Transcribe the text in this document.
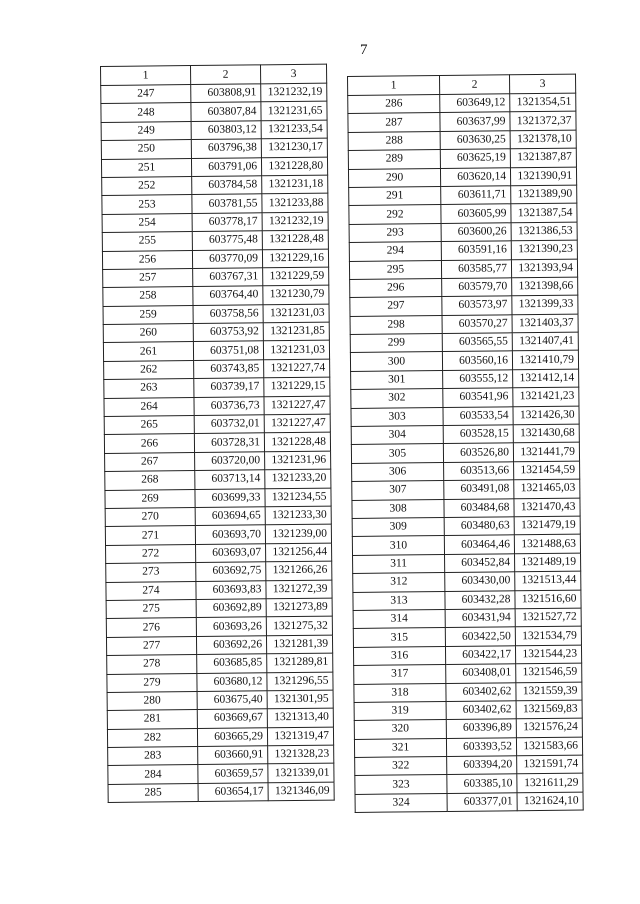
7
1	2	3
247	603808,91	1321232,19
248	603807,84	1321231,65
249	603803,12	1321233,54
250	603796,38	1321230,17
251	603791,06	1321228,80
252	603784,58	1321231,18
253	603781,55	1321233,88
254	603778,17	1321232,19
255	603775,48	1321228,48
256	603770,09	1321229,16
257	603767,31	1321229,59
258	603764,40	1321230,79
259	603758,56	1321231,03
260	603753,92	1321231,85
261	603751,08	1321231,03
262	603743,85	1321227,74
263	603739,17	1321229,15
264	603736,73	1321227,47
265	603732,01	1321227,47
266	603728,31	1321228,48
267	603720,00	1321231,96
268	603713,14	1321233,20
269	603699,33	1321234,55
270	603694,65	1321233,30
271	603693,70	1321239,00
272	603693,07	1321256,44
273	603692,75	1321266,26
274	603693,83	1321272,39
275	603692,89	1321273,89
276	603693,26	1321275,32
277	603692,26	1321281,39
278	603685,85	1321289,81
279	603680,12	1321296,55
280	603675,40	1321301,95
281	603669,67	1321313,40
282	603665,29	1321319,47
283	603660,91	1321328,23
284	603659,57	1321339,01
285	603654,17	1321346,09
1	2	3
286	603649,12	1321354,51
287	603637,99	1321372,37
288	603630,25	1321378,10
289	603625,19	1321387,87
290	603620,14	1321390,91
291	603611,71	1321389,90
292	603605,99	1321387,54
293	603600,26	1321386,53
294	603591,16	1321390,23
295	603585,77	1321393,94
296	603579,70	1321398,66
297	603573,97	1321399,33
298	603570,27	1321403,37
299	603565,55	1321407,41
300	603560,16	1321410,79
301	603555,12	1321412,14
302	603541,96	1321421,23
303	603533,54	1321426,30
304	603528,15	1321430,68
305	603526,80	1321441,79
306	603513,66	1321454,59
307	603491,08	1321465,03
308	603484,68	1321470,43
309	603480,63	1321479,19
310	603464,46	1321488,63
311	603452,84	1321489,19
312	603430,00	1321513,44
313	603432,28	1321516,60
314	603431,94	1321527,72
315	603422,50	1321534,79
316	603422,17	1321544,23
317	603408,01	1321546,59
318	603402,62	1321559,39
319	603402,62	1321569,83
320	603396,89	1321576,24
321	603393,52	1321583,66
322	603394,20	1321591,74
323	603385,10	1321611,29
324	603377,01	1321624,10
